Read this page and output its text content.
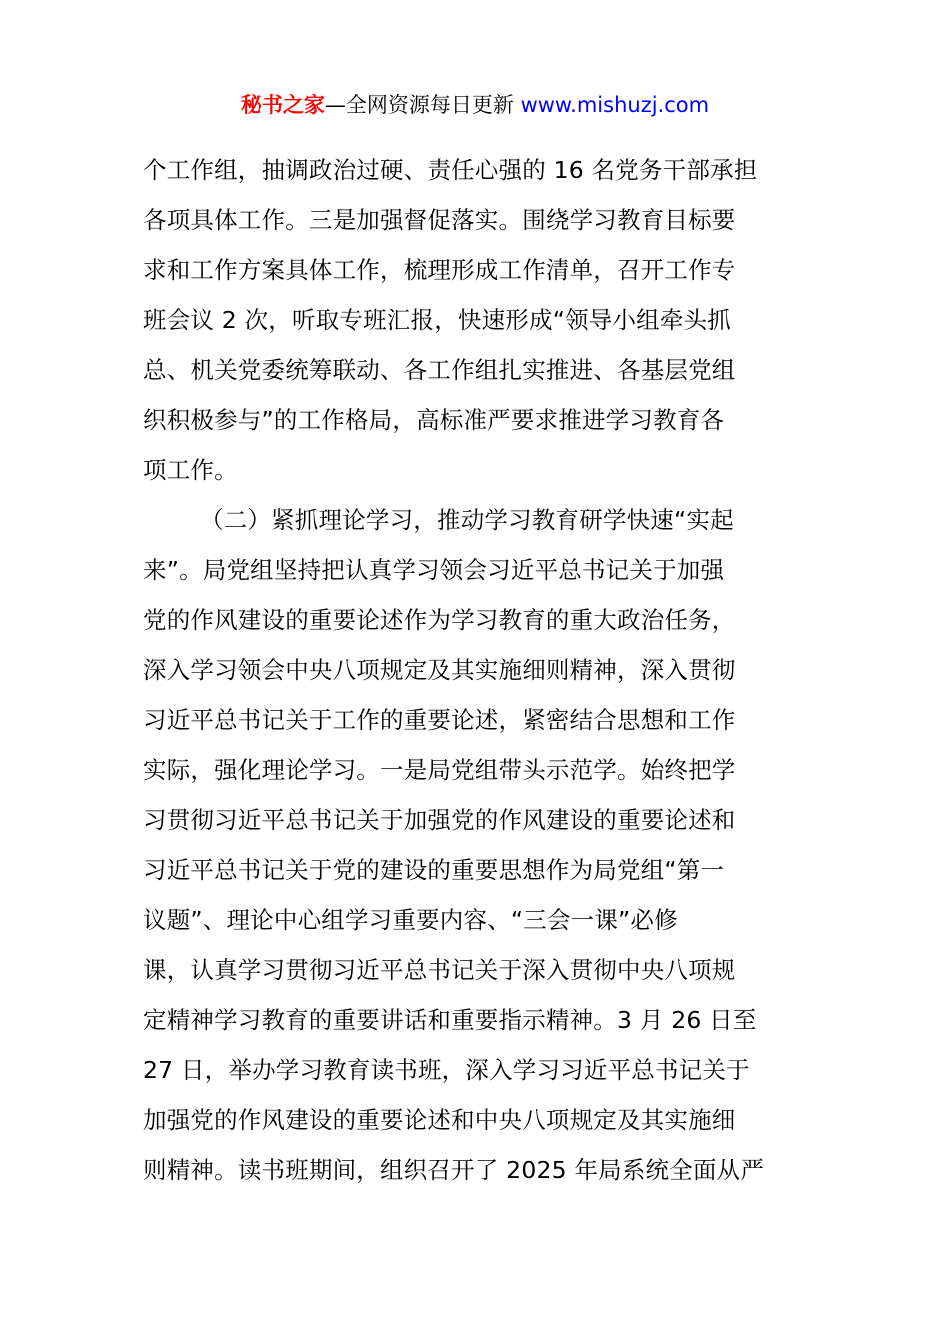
秘书之家—全网资源每日更新 www.mishuzj.com
个工作组，抽调政治过硬、责任心强的 16 名党务干部承担
各项具体工作。三是加强督促落实。围绕学习教育目标要
求和工作方案具体工作，梳理形成工作清单，召开工作专
班会议 2 次，听取专班汇报，快速形成“领导小组牵头抓
总、机关党委统筹联动、各工作组扎实推进、各基层党组
织积极参与”的工作格局，高标准严要求推进学习教育各
项工作。
（二）紧抓理论学习，推动学习教育研学快速“实起
来”。局党组坚持把认真学习领会习近平总书记关于加强
党的作风建设的重要论述作为学习教育的重大政治任务，
深入学习领会中央八项规定及其实施细则精神，深入贯彻
习近平总书记关于工作的重要论述，紧密结合思想和工作
实际，强化理论学习。一是局党组带头示范学。始终把学
习贯彻习近平总书记关于加强党的作风建设的重要论述和
习近平总书记关于党的建设的重要思想作为局党组“第一
议题”、理论中心组学习重要内容、“三会一课”必修
课，认真学习贯彻习近平总书记关于深入贯彻中央八项规
定精神学习教育的重要讲话和重要指示精神。3 月 26 日至
27 日，举办学习教育读书班，深入学习习近平总书记关于
加强党的作风建设的重要论述和中央八项规定及其实施细
则精神。读书班期间，组织召开了 2025 年局系统全面从严
